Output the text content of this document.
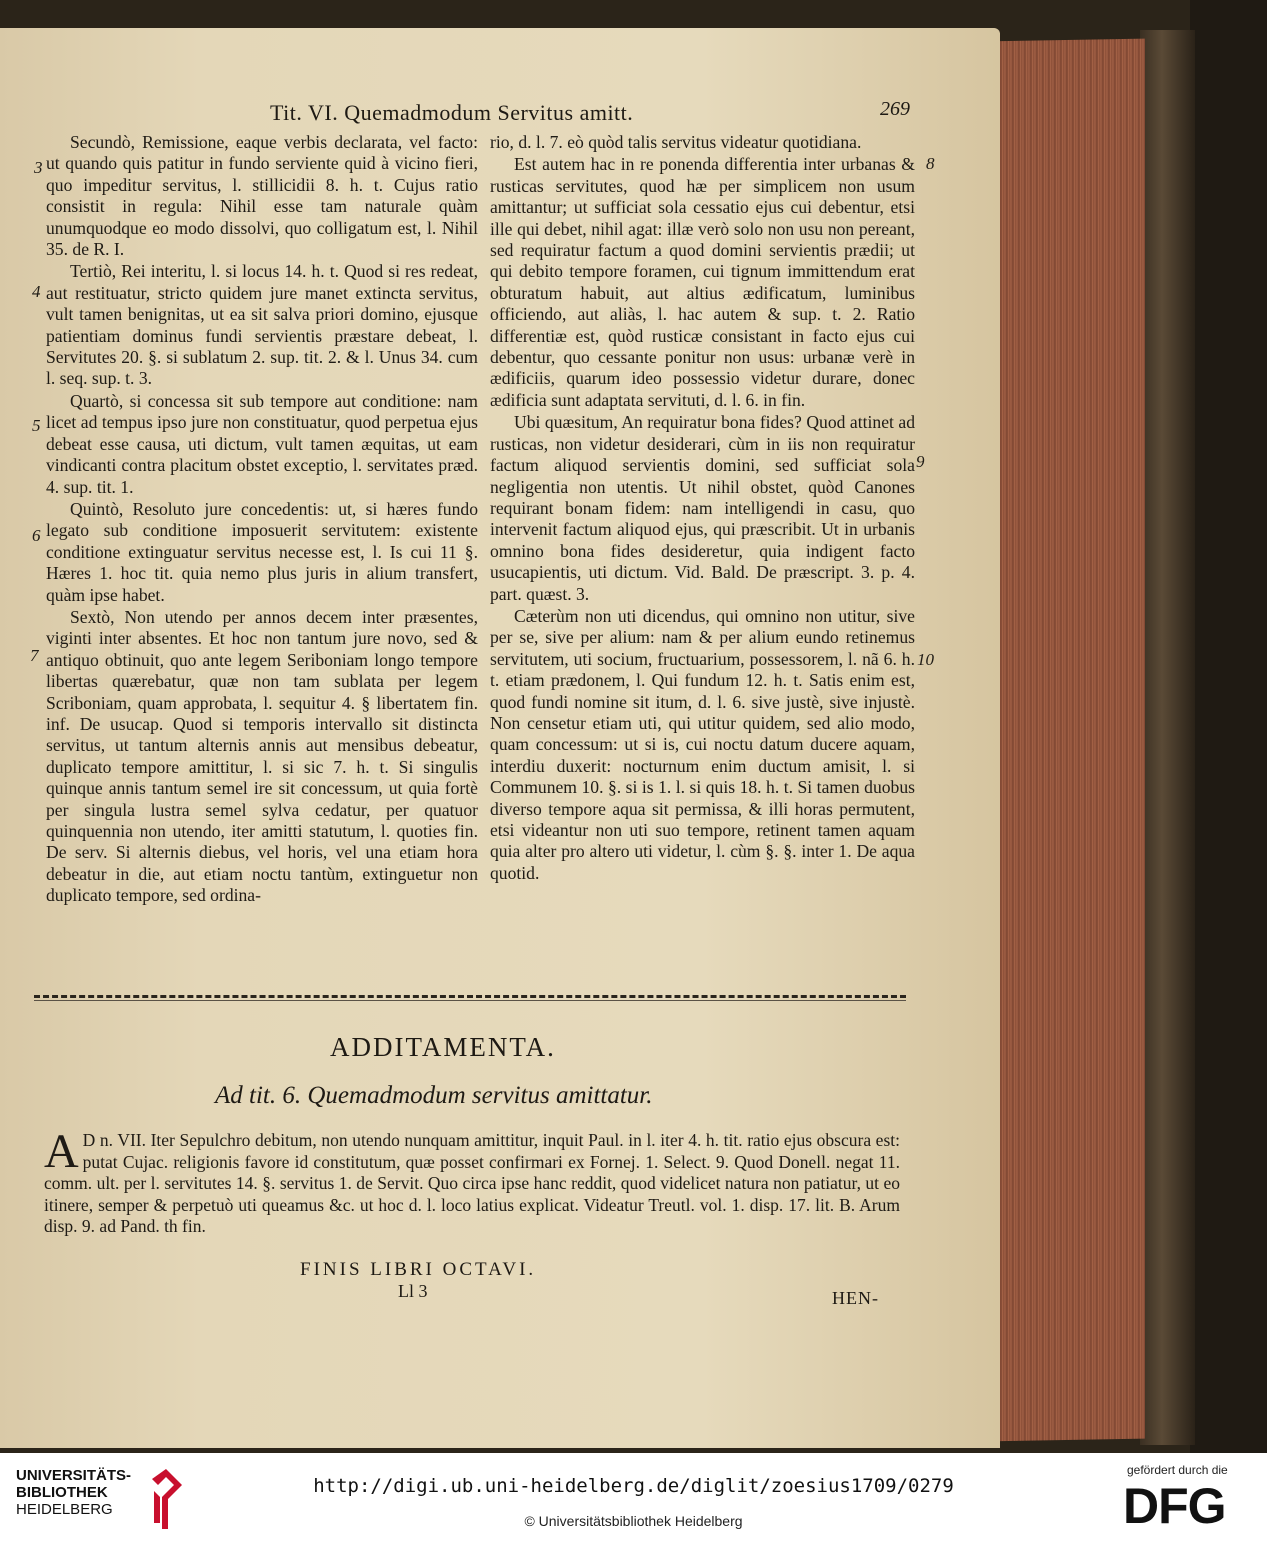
Tit. VI. Quemadmodum Servitus amitt.	269
3
4
5
6
7
8
9
10

Secundò, Remissione, eaque verbis declarata, vel facto: ut quando quis patitur in fundo serviente quid à vicino fieri, quo impeditur servitus, l. stillicidii 8. h. t. Cujus ratio consistit in regula: Nihil esse tam naturale quàm unumquodque eo modo dissolvi, quo colligatum est, l. Nihil 35. de R. I.

Tertiò, Rei interitu, l. si locus 14. h. t. Quod si res redeat, aut restituatur, stricto quidem jure manet extincta servitus, vult tamen benignitas, ut ea sit salva priori domino, ejusque patientiam dominus fundi servientis præstare debeat, l. Servitutes 20. §. si sublatum 2. sup. tit. 2. & l. Unus 34. cum l. seq. sup. t. 3.

Quartò, si concessa sit sub tempore aut conditione: nam licet ad tempus ipso jure non constituatur, quod perpetua ejus debeat esse causa, uti dictum, vult tamen æquitas, ut eam vindicanti contra placitum obstet exceptio, l. servitates præd. 4. sup. tit. 1.

Quintò, Resoluto jure concedentis: ut, si hæres fundo legato sub conditione imposuerit servitutem: existente conditione extinguatur servitus necesse est, l. Is cui 11 §. Hæres 1. hoc tit. quia nemo plus juris in alium transfert, quàm ipse habet.

Sextò, Non utendo per annos decem inter præsentes, viginti inter absentes. Et hoc non tantum jure novo, sed & antiquo obtinuit, quo ante legem Seriboniam longo tempore libertas quærebatur, quæ non tam sublata per legem Scriboniam, quam approbata, l. sequitur 4. § libertatem fin. inf. De usucap. Quod si temporis intervallo sit distincta servitus, ut tantum alternis annis aut mensibus debeatur, duplicato tempore amittitur, l. si sic 7. h. t. Si singulis quinque annis tantum semel ire sit concessum, ut quia fortè per singula lustra semel sylva cedatur, per quatuor quinquennia non utendo, iter amitti statutum, l. quoties fin. De serv. Si alternis diebus, vel horis, vel una etiam hora debeatur in die, aut etiam noctu tantùm, extinguetur non duplicato tempore, sed ordina-

rio, d. l. 7. eò quòd talis servitus videatur quotidiana.

Est autem hac in re ponenda differentia inter urbanas & rusticas servitutes, quod hæ per simplicem non usum amittantur; ut sufficiat sola cessatio ejus cui debentur, etsi ille qui debet, nihil agat: illæ verò solo non usu non pereant, sed requiratur factum a quod domini servientis prædii; ut qui debito tempore foramen, cui tignum immittendum erat obturatum habuit, aut altius ædificatum, luminibus officiendo, aut aliàs, l. hac autem & sup. t. 2. Ratio differentiæ est, quòd rusticæ consistant in facto ejus cui debentur, quo cessante ponitur non usus: urbanæ verè in ædificiis, quarum ideo possessio videtur durare, donec ædificia sunt adaptata servituti, d. l. 6. in fin.

Ubi quæsitum, An requiratur bona fides? Quod attinet ad rusticas, non videtur desiderari, cùm in iis non requiratur factum aliquod servientis domini, sed sufficiat sola negligentia non utentis. Ut nihil obstet, quòd Canones requirant bonam fidem: nam intelligendi in casu, quo intervenit factum aliquod ejus, qui præscribit. Ut in urbanis omnino bona fides desideretur, quia indigent facto usucapientis, uti dictum. Vid. Bald. De præscript. 3. p. 4. part. quæst. 3.

Cæterùm non uti dicendus, qui omnino non utitur, sive per se, sive per alium: nam & per alium eundo retinemus servitutem, uti socium, fructuarium, possessorem, l. nã 6. h. t. etiam prædonem, l. Qui fundum 12. h. t. Satis enim est, quod fundi nomine sit itum, d. l. 6. sive justè, sive injustè. Non censetur etiam uti, qui utitur quidem, sed alio modo, quam concessum: ut si is, cui noctu datum ducere aquam, interdiu duxerit: nocturnum enim ductum amisit, l. si Communem 10. §. si is 1. l. si quis 18. h. t. Si tamen duobus diverso tempore aqua sit permissa, & illi horas permutent, etsi videantur non uti suo tempore, retinent tamen aquam quia alter pro altero uti videtur, l. cùm §. §. inter 1. De aqua quotid.

ADDITAMENTA.
Ad tit. 6. Quemadmodum servitus amittatur.
A D n. VII. Iter Sepulchro debitum, non utendo nunquam amittitur, inquit Paul. in l. iter 4. h. tit. ratio ejus obscura est: putat Cujac. religionis favore id constitutum, quæ posset confirmari ex Fornej. 1. Select. 9. Quod Donell. negat 11. comm. ult. per l. servitutes 14. §. servitus 1. de Servit. Quo circa ipse hanc reddit, quod videlicet natura non patiatur, ut eo itinere, semper & perpetuò uti queamus &c. ut hoc d. l. loco latius explicat. Videatur Treutl. vol. 1. disp. 17. lit. B. Arum disp. 9. ad Pand. th fin.
FINIS LIBRI OCTAVI.
Ll 3	HEN-
UNIVERSITÄTS-
BIBLIOTHEK
HEIDELBERG
http://digi.ub.uni-heidelberg.de/diglit/zoesius1709/0279
© Universitätsbibliothek Heidelberg
gefördert durch die
DFG
